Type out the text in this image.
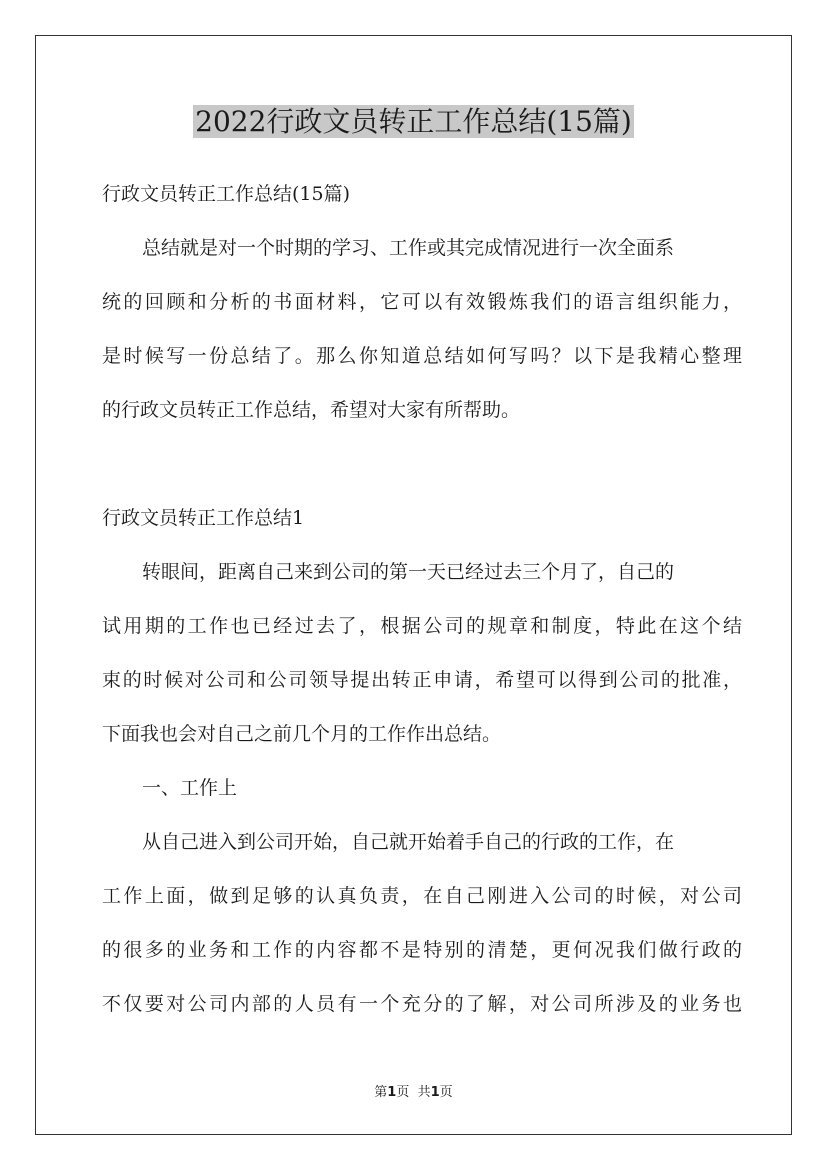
2022行政文员转正工作总结(15篇)

行政文员转正工作总结(15篇)

总结就是对一个时期的学习、工作或其完成情况进行一次全面系

统的回顾和分析的书面材料，它可以有效锻炼我们的语言组织能力，

是时候写一份总结了。那么你知道总结如何写吗？以下是我精心整理

的行政文员转正工作总结，希望对大家有所帮助。

行政文员转正工作总结1

转眼间，距离自己来到公司的第一天已经过去三个月了，自己的

试用期的工作也已经过去了，根据公司的规章和制度，特此在这个结

束的时候对公司和公司领导提出转正申请，希望可以得到公司的批准，

下面我也会对自己之前几个月的工作作出总结。

一、工作上

从自己进入到公司开始，自己就开始着手自己的行政的工作，在

工作上面，做到足够的认真负责，在自己刚进入公司的时候，对公司

的很多的业务和工作的内容都不是特别的清楚，更何况我们做行政的

不仅要对公司内部的人员有一个充分的了解，对公司所涉及的业务也

第1页 共1页
